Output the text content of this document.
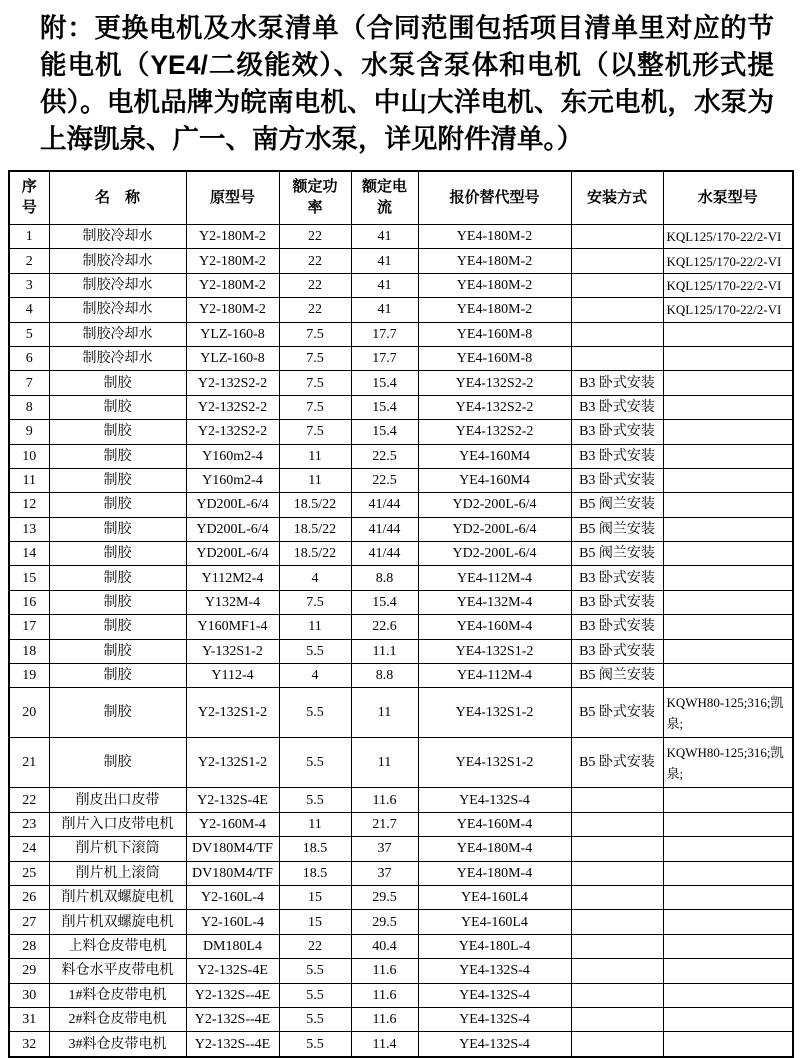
附：更换电机及水泵清单（合同范围包括项目清单里对应的节能电机（YE4/二级能效）、水泵含泵体和电机（以整机形式提供）。电机品牌为皖南电机、中山大洋电机、东元电机，水泵为上海凯泉、广一、南方水泵，详见附件清单。）

序号	名　称	原型号	额定功率	额定电流	报价替代型号	安装方式	水泵型号
1	制胶冷却水	Y2-180M-2	22	41	YE4-180M-2		KQL125/170-22/2-VI
2	制胶冷却水	Y2-180M-2	22	41	YE4-180M-2		KQL125/170-22/2-VI
3	制胶冷却水	Y2-180M-2	22	41	YE4-180M-2		KQL125/170-22/2-VI
4	制胶冷却水	Y2-180M-2	22	41	YE4-180M-2		KQL125/170-22/2-VI
5	制胶冷却水	YLZ-160-8	7.5	17.7	YE4-160M-8		
6	制胶冷却水	YLZ-160-8	7.5	17.7	YE4-160M-8		
7	制胶	Y2-132S2-2	7.5	15.4	YE4-132S2-2	B3 卧式安装	
8	制胶	Y2-132S2-2	7.5	15.4	YE4-132S2-2	B3 卧式安装	
9	制胶	Y2-132S2-2	7.5	15.4	YE4-132S2-2	B3 卧式安装	
10	制胶	Y160m2-4	11	22.5	YE4-160M4	B3 卧式安装	
11	制胶	Y160m2-4	11	22.5	YE4-160M4	B3 卧式安装	
12	制胶	YD200L-6/4	18.5/22	41/44	YD2-200L-6/4	B5 阀兰安装	
13	制胶	YD200L-6/4	18.5/22	41/44	YD2-200L-6/4	B5 阀兰安装	
14	制胶	YD200L-6/4	18.5/22	41/44	YD2-200L-6/4	B5 阀兰安装	
15	制胶	Y112M2-4	4	8.8	YE4-112M-4	B3 卧式安装	
16	制胶	Y132M-4	7.5	15.4	YE4-132M-4	B3 卧式安装	
17	制胶	Y160MF1-4	11	22.6	YE4-160M-4	B3 卧式安装	
18	制胶	Y-132S1-2	5.5	11.1	YE4-132S1-2	B3 卧式安装	
19	制胶	Y112-4	4	8.8	YE4-112M-4	B5 阀兰安装	
20	制胶	Y2-132S1-2	5.5	11	YE4-132S1-2	B5 卧式安装	KQWH80-125;316;凯泉;
21	制胶	Y2-132S1-2	5.5	11	YE4-132S1-2	B5 卧式安装	KQWH80-125;316;凯泉;
22	削皮出口皮带	Y2-132S-4E	5.5	11.6	YE4-132S-4		
23	削片入口皮带电机	Y2-160M-4	11	21.7	YE4-160M-4		
24	削片机下滚筒	DV180M4/TF	18.5	37	YE4-180M-4		
25	削片机上滚筒	DV180M4/TF	18.5	37	YE4-180M-4		
26	削片机双螺旋电机	Y2-160L-4	15	29.5	YE4-160L4		
27	削片机双螺旋电机	Y2-160L-4	15	29.5	YE4-160L4		
28	上料仓皮带电机	DM180L4	22	40.4	YE4-180L-4		
29	料仓水平皮带电机	Y2-132S-4E	5.5	11.6	YE4-132S-4		
30	1#料仓皮带电机	Y2-132S--4E	5.5	11.6	YE4-132S-4		
31	2#料仓皮带电机	Y2-132S--4E	5.5	11.6	YE4-132S-4		
32	3#料仓皮带电机	Y2-132S--4E	5.5	11.4	YE4-132S-4		
